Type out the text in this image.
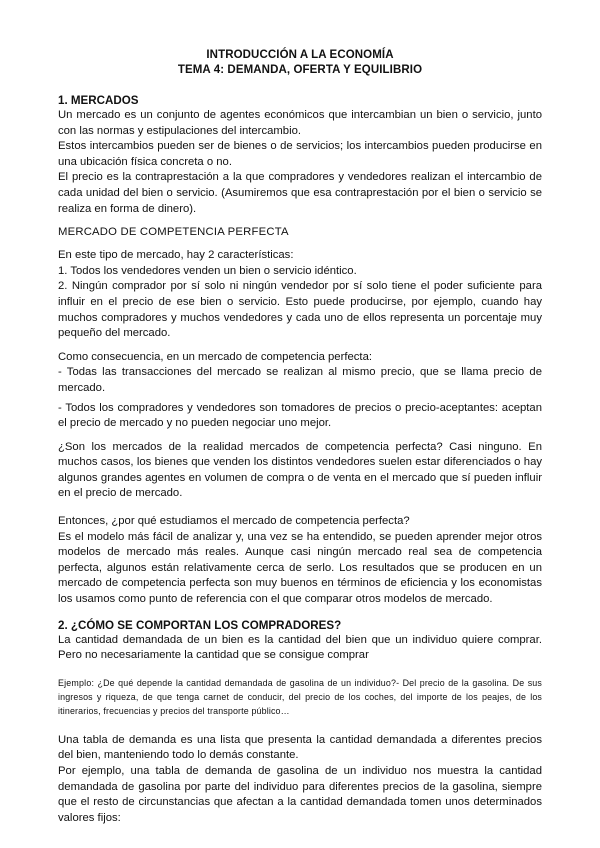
INTRODUCCIÓN A LA ECONOMÍA
TEMA 4: DEMANDA, OFERTA Y EQUILIBRIO

1. MERCADOS

Un mercado es un conjunto de agentes económicos que intercambian un bien o servicio, junto con las normas y estipulaciones del intercambio.

Estos intercambios pueden ser de bienes o de servicios; los intercambios pueden producirse en una ubicación física concreta o no.

El precio es la contraprestación a la que compradores y vendedores realizan el intercambio de cada unidad del bien o servicio. (Asumiremos que esa contraprestación por el bien o servicio se realiza en forma de dinero).

MERCADO DE COMPETENCIA PERFECTA

En este tipo de mercado, hay 2 características:

1. Todos los vendedores venden un bien o servicio idéntico.

2. Ningún comprador por sí solo ni ningún vendedor por sí solo tiene el poder suficiente para influir en el precio de ese bien o servicio. Esto puede producirse, por ejemplo, cuando hay muchos compradores y muchos vendedores y cada uno de ellos representa un porcentaje muy pequeño del mercado.

Como consecuencia, en un mercado de competencia perfecta:

- Todas las transacciones del mercado se realizan al mismo precio, que se llama precio de mercado.

- Todos los compradores y vendedores son tomadores de precios o precio-aceptantes: aceptan el precio de mercado y no pueden negociar uno mejor.

¿Son los mercados de la realidad mercados de competencia perfecta? Casi ninguno. En muchos casos, los bienes que venden los distintos vendedores suelen estar diferenciados o hay algunos grandes agentes en volumen de compra o de venta en el mercado que sí pueden influir en el precio de mercado.

Entonces, ¿por qué estudiamos el mercado de competencia perfecta?

Es el modelo más fácil de analizar y, una vez se ha entendido, se pueden aprender mejor otros modelos de mercado más reales. Aunque casi ningún mercado real sea de competencia perfecta, algunos están relativamente cerca de serlo. Los resultados que se producen en un mercado de competencia perfecta son muy buenos en términos de eficiencia y los economistas los usamos como punto de referencia con el que comparar otros modelos de mercado.

2. ¿CÓMO SE COMPORTAN LOS COMPRADORES?

La cantidad demandada de un bien es la cantidad del bien que un individuo quiere comprar. Pero no necesariamente la cantidad que se consigue comprar

Ejemplo: ¿De qué depende la cantidad demandada de gasolina de un individuo?- Del precio de la gasolina. De sus ingresos y riqueza, de que tenga carnet de conducir, del precio de los coches, del importe de los peajes, de los itinerarios, frecuencias y precios del transporte público…

Una tabla de demanda es una lista que presenta la cantidad demandada a diferentes precios del bien, manteniendo todo lo demás constante.

Por ejemplo, una tabla de demanda de gasolina de un individuo nos muestra la cantidad demandada de gasolina por parte del individuo para diferentes precios de la gasolina, siempre que el resto de circunstancias que afectan a la cantidad demandada tomen unos determinados valores fijos:
